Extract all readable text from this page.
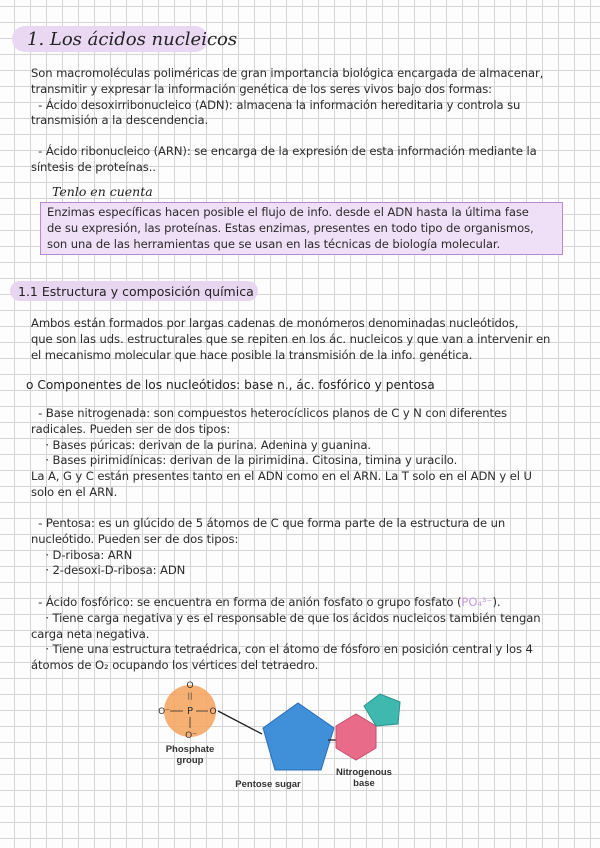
1. Los ácidos nucleicos
Son macromoléculas poliméricas de gran importancia biológica encargada de almacenar,
transmitir y expresar la información genética de los seres vivos bajo dos formas:
- Ácido desoxirribonucleico (ADN): almacena la información hereditaria y controla su
transmisión a la descendencia.
- Ácido ribonucleico (ARN): se encarga de la expresión de esta información mediante la
síntesis de proteínas..
Tenlo en cuenta
Enzimas específicas hacen posible el flujo de info. desde el ADN hasta la última fase
de su expresión, las proteínas. Estas enzimas, presentes en todo tipo de organismos,
son una de las herramientas que se usan en las técnicas de biología molecular.
1.1 Estructura y composición química
Ambos están formados por largas cadenas de monómeros denominadas nucleótidos,
que son las uds. estructurales que se repiten en los ác. nucleicos y que van a intervenir en
el mecanismo molecular que hace posible la transmisión de la info. genética.
o Componentes de los nucleótidos: base n., ác. fosfórico y pentosa
- Base nitrogenada: son compuestos heterocíclicos planos de C y N con diferentes
radicales. Pueden ser de dos tipos:
· Bases púricas: derivan de la purina. Adenina y guanina.
· Bases pirimidínicas: derivan de la pirimidina. Citosina, timina y uracilo.
La A, G y C están presentes tanto en el ADN como en el ARN. La T solo en el ADN y el U
solo en el ARN.
- Pentosa: es un glúcido de 5 átomos de C que forma parte de la estructura de un
nucleótido. Pueden ser de dos tipos:
· D-ribosa: ARN
· 2-desoxi-D-ribosa: ADN
- Ácido fosfórico: se encuentra en forma de anión fosfato o grupo fosfato (PO₄³⁻).
· Tiene carga negativa y es el responsable de que los ácidos nucleicos también tengan
carga neta negativa.
· Tiene una estructura tetraédrica, con el átomo de fósforo en posición central y los 4
átomos de O₂ ocupando los vértices del tetraedro.
O
||
O⁻ P O
O⁻
Phosphate
group
Pentose sugar
Nitrogenous
base
